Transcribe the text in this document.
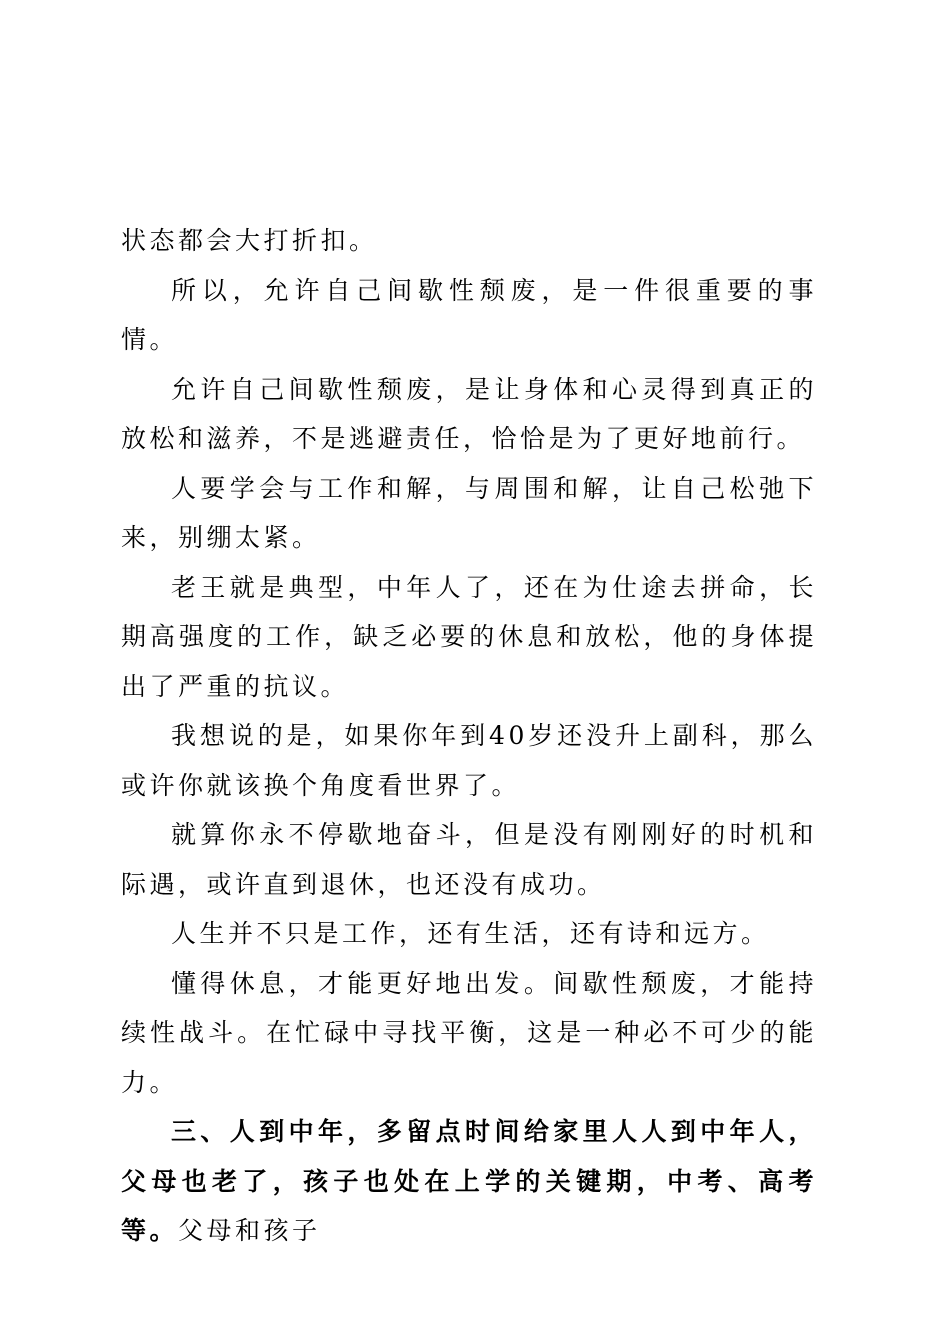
状态都会大打折扣。

所以，允许自己间歇性颓废，是一件很重要的事情。

允许自己间歇性颓废，是让身体和心灵得到真正的放松和滋养，不是逃避责任，恰恰是为了更好地前行。

人要学会与工作和解，与周围和解，让自己松弛下来，别绷太紧。

老王就是典型，中年人了，还在为仕途去拼命，长期高强度的工作，缺乏必要的休息和放松，他的身体提出了严重的抗议。

我想说的是，如果你年到40岁还没升上副科，那么或许你就该换个角度看世界了。

就算你永不停歇地奋斗，但是没有刚刚好的时机和际遇，或许直到退休，也还没有成功。

人生并不只是工作，还有生活，还有诗和远方。

懂得休息，才能更好地出发。间歇性颓废，才能持续性战斗。在忙碌中寻找平衡，这是一种必不可少的能力。

三、人到中年，多留点时间给家里人人到中年人，父母也老了，孩子也处在上学的关键期，中考、高考等。父母和孩子
